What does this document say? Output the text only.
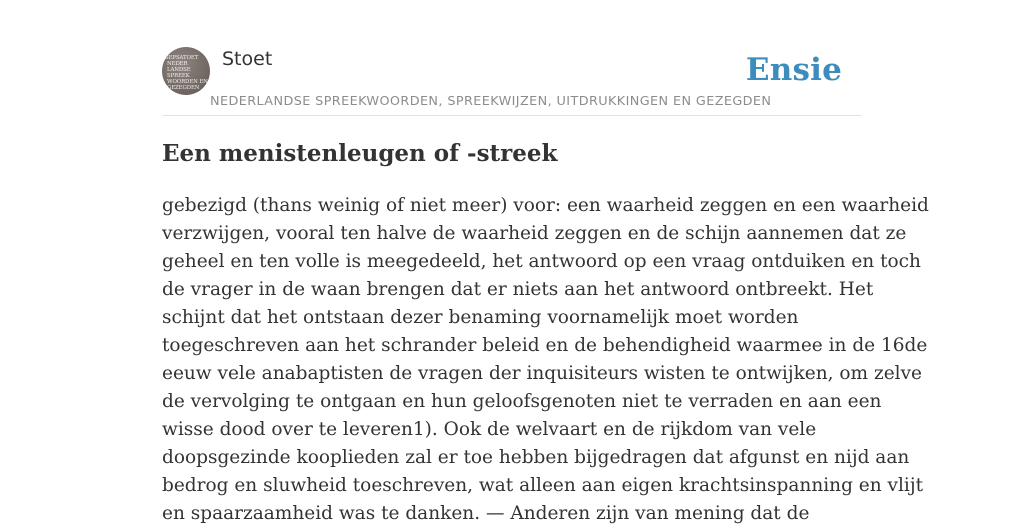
SEPSATOET
NEDER
LANDSE
SPREEK
WOORDEN EN
GEZEGDEN
Stoet	Ensie
NEDERLANDSE SPREEKWOORDEN, SPREEKWIJZEN, UITDRUKKINGEN EN GEZEGDEN
Een menistenleugen of -streek
gebezigd (thans weinig of niet meer) voor: een waarheid zeggen en een waarheid
verzwijgen, vooral ten halve de waarheid zeggen en de schijn aannemen dat ze
geheel en ten volle is meegedeeld, het antwoord op een vraag ontduiken en toch
de vrager in de waan brengen dat er niets aan het antwoord ontbreekt. Het
schijnt dat het ontstaan dezer benaming voornamelijk moet worden
toegeschreven aan het schrander beleid en de behendigheid waarmee in de 16de
eeuw vele anabaptisten de vragen der inquisiteurs wisten te ontwijken, om zelve
de vervolging te ontgaan en hun geloofsgenoten niet te verraden en aan een
wisse dood over te leveren1). Ook de welvaart en de rijkdom van vele
doopsgezinde kooplieden zal er toe hebben bijgedragen dat afgunst en nijd aan
bedrog en sluwheid toeschreven, wat alleen aan eigen krachtsinspanning en vlijt
en spaarzaamheid was te danken. — Anderen zijn van mening dat de
